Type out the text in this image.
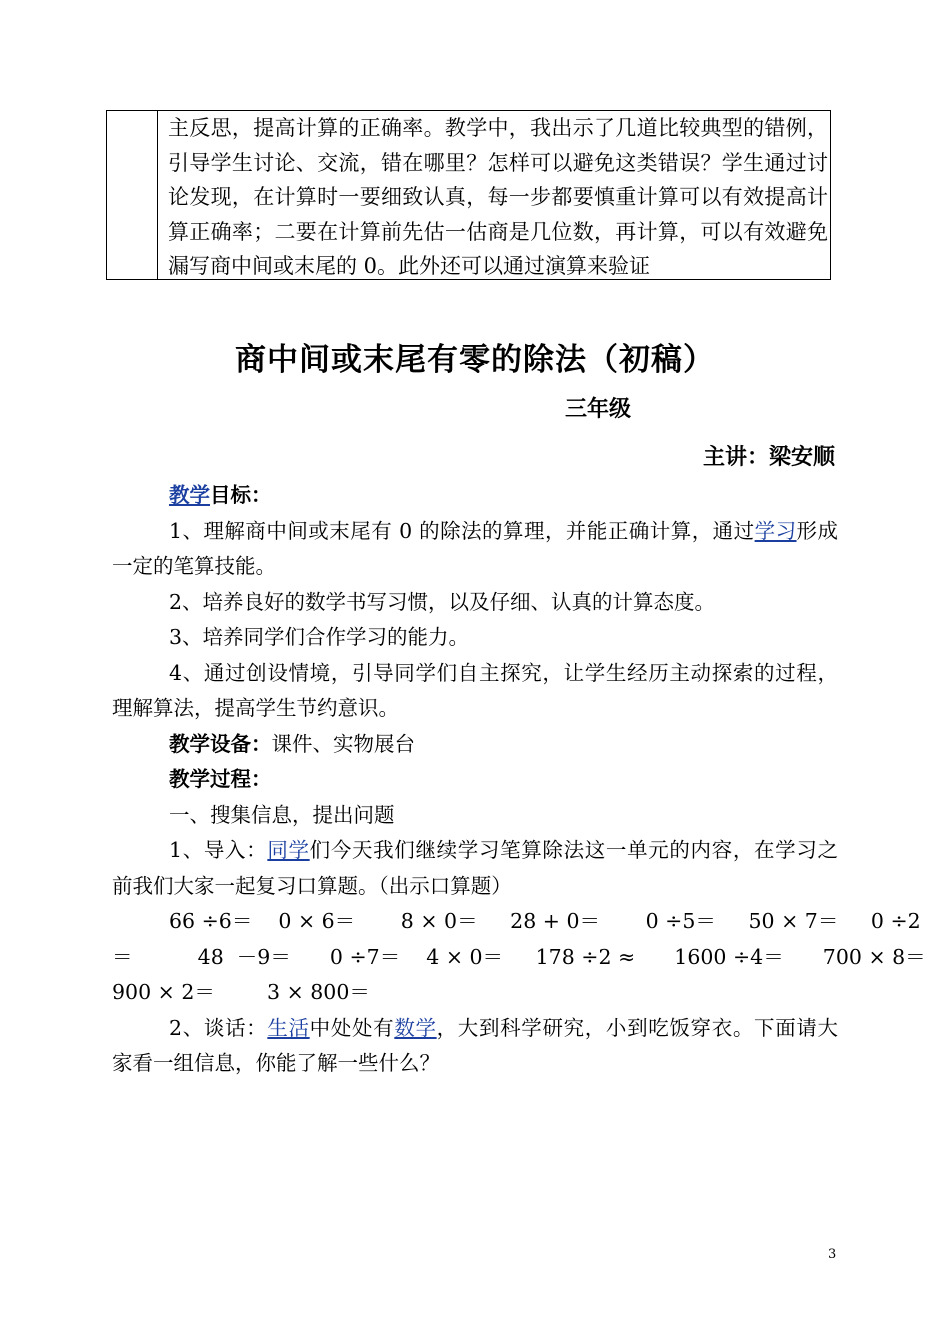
主反思，提高计算的正确率。教学中，我出示了几道比较典型的错例，引导学生讨论、交流，错在哪里？怎样可以避免这类错误？学生通过讨论发现，在计算时一要细致认真，每一步都要慎重计算可以有效提高计算正确率；二要在计算前先估一估商是几位数，再计算，可以有效避免漏写商中间或末尾的 0。此外还可以通过演算来验证
商中间或末尾有零的除法（初稿）
三年级
主讲：梁安顺

教学目标：

1、理解商中间或末尾有 0 的除法的算理，并能正确计算，通过学习形成一定的笔算技能。

2、培养良好的数学书写习惯，以及仔细、认真的计算态度。

3、培养同学们合作学习的能力。

4、通过创设情境，引导同学们自主探究，让学生经历主动探索的过程，理解算法，提高学生节约意识。

教学设备：课件、实物展台

教学过程：

一、搜集信息，提出问题

1、导入：同学们今天我们继续学习笔算除法这一单元的内容，在学习之前我们大家一起复习口算题。（出示口算题）

66 ÷6＝    0 × 6＝       8 × 0＝     28 + 0＝       0 ÷5＝     50 × 7＝     0 ÷2

＝          48  －9＝      0 ÷7＝    4 × 0＝     178 ÷2 ≈      1600 ÷4＝      700 × 8＝

900 × 2＝        3 × 800＝

2、谈话：生活中处处有数学，大到科学研究，小到吃饭穿衣。下面请大家看一组信息，你能了解一些什么？

3
